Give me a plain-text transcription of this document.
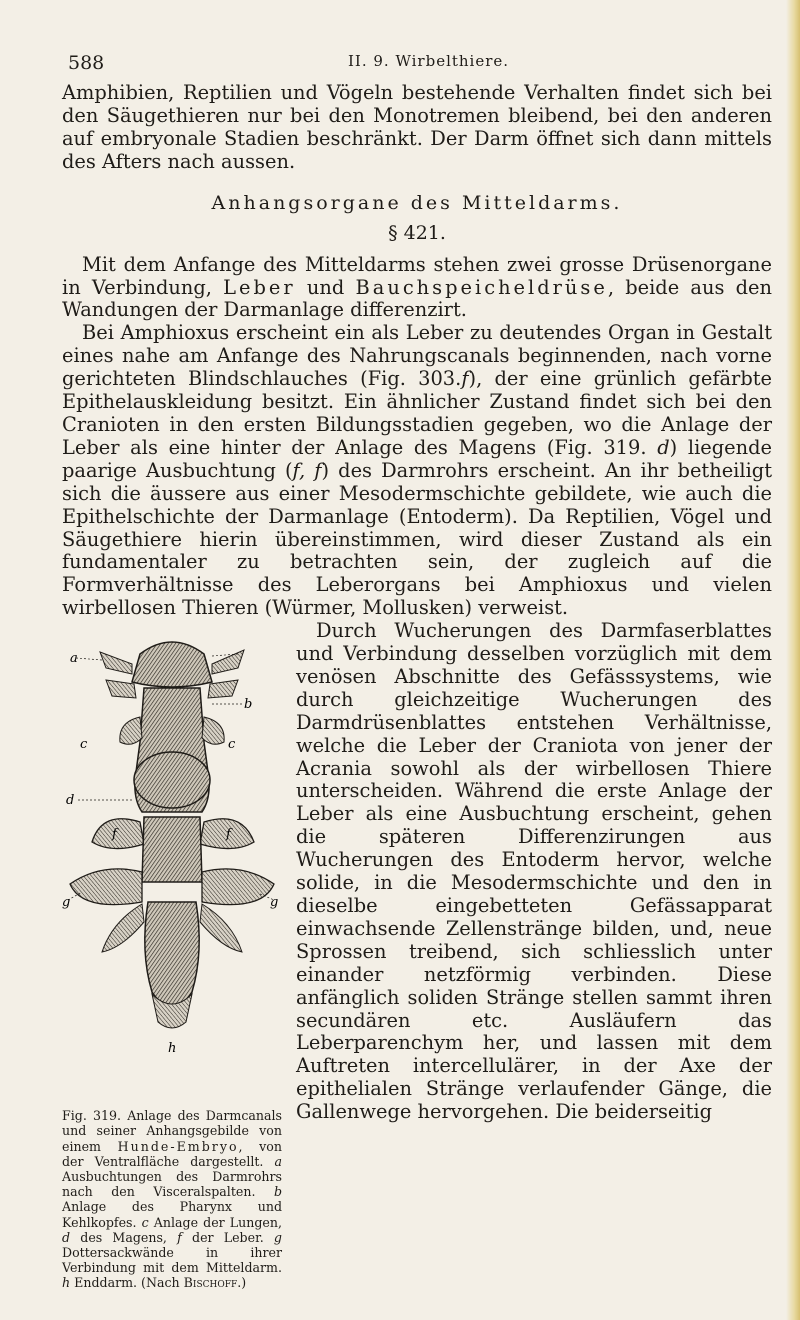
588	II. 9. Wirbelthiere.

Amphibien, Reptilien und Vögeln bestehende Verhalten findet sich bei den Säugethieren nur bei den Monotremen bleibend, bei den anderen auf embryonale Stadien beschränkt. Der Darm öffnet sich dann mittels des Afters nach aussen.

Anhangsorgane des Mitteldarms.
§ 421.

Mit dem Anfange des Mitteldarms stehen zwei grosse Drüsenorgane in Verbindung, Leber und Bauchspeicheldrüse, beide aus den Wandungen der Darmanlage differenzirt.

Bei Amphioxus erscheint ein als Leber zu deutendes Organ in Gestalt eines nahe am Anfange des Nahrungscanals beginnenden, nach vorne gerichteten Blindschlauches (Fig. 303.f), der eine grünlich gefärbte Epithelauskleidung besitzt. Ein ähnlicher Zustand findet sich bei den Cranioten in den ersten Bildungsstadien gegeben, wo die Anlage der Leber als eine hinter der Anlage des Magens (Fig. 319. d) liegende paarige Ausbuchtung (f, f) des Darmrohrs erscheint. An ihr betheiligt sich die äussere aus einer Mesodermschichte gebildete, wie auch die Epithelschichte der Darmanlage (Entoderm). Da Reptilien, Vögel und Säugethiere hierin übereinstimmen, wird dieser Zustand als ein fundamentaler zu betrachten sein, der zugleich auf die Formverhältnisse des Leberorgans bei Amphioxus und vielen wirbellosen Thieren (Würmer, Mollusken) verweist.

a
b
c	c
d
f	f
g	g
h
Fig. 319. Anlage des Darmcanals und seiner Anhangsgebilde von einem Hunde-Embryo, von der Ventralfläche dargestellt. a Ausbuchtungen des Darmrohrs nach den Visceralspalten. b Anlage des Pharynx und Kehlkopfes. c Anlage der Lungen, d des Magens, f der Leber. g Dottersackwände in ihrer Verbindung mit dem Mitteldarm. h Enddarm. (Nach Bischoff.)

Durch Wucherungen des Darmfaserblattes und Verbindung desselben vorzüglich mit dem venösen Abschnitte des Gefässsystems, wie durch gleichzeitige Wucherungen des Darmdrüsenblattes entstehen Verhältnisse, welche die Leber der Craniota von jener der Acrania sowohl als der wirbellosen Thiere unterscheiden. Während die erste Anlage der Leber als eine Ausbuchtung erscheint, gehen die späteren Differenzirungen aus Wucherungen des Entoderm hervor, welche solide, in die Mesodermschichte und den in dieselbe eingebetteten Gefässapparat einwachsende Zellenstränge bilden, und, neue Sprossen treibend, sich schliesslich unter einander netzförmig verbinden. Diese anfänglich soliden Stränge stellen sammt ihren secundären etc. Ausläufern das Leberparenchym her, und lassen mit dem Auftreten intercellulärer, in der Axe der epithelialen Stränge verlaufender Gänge, die Gallenwege hervorgehen. Die beiderseitig
